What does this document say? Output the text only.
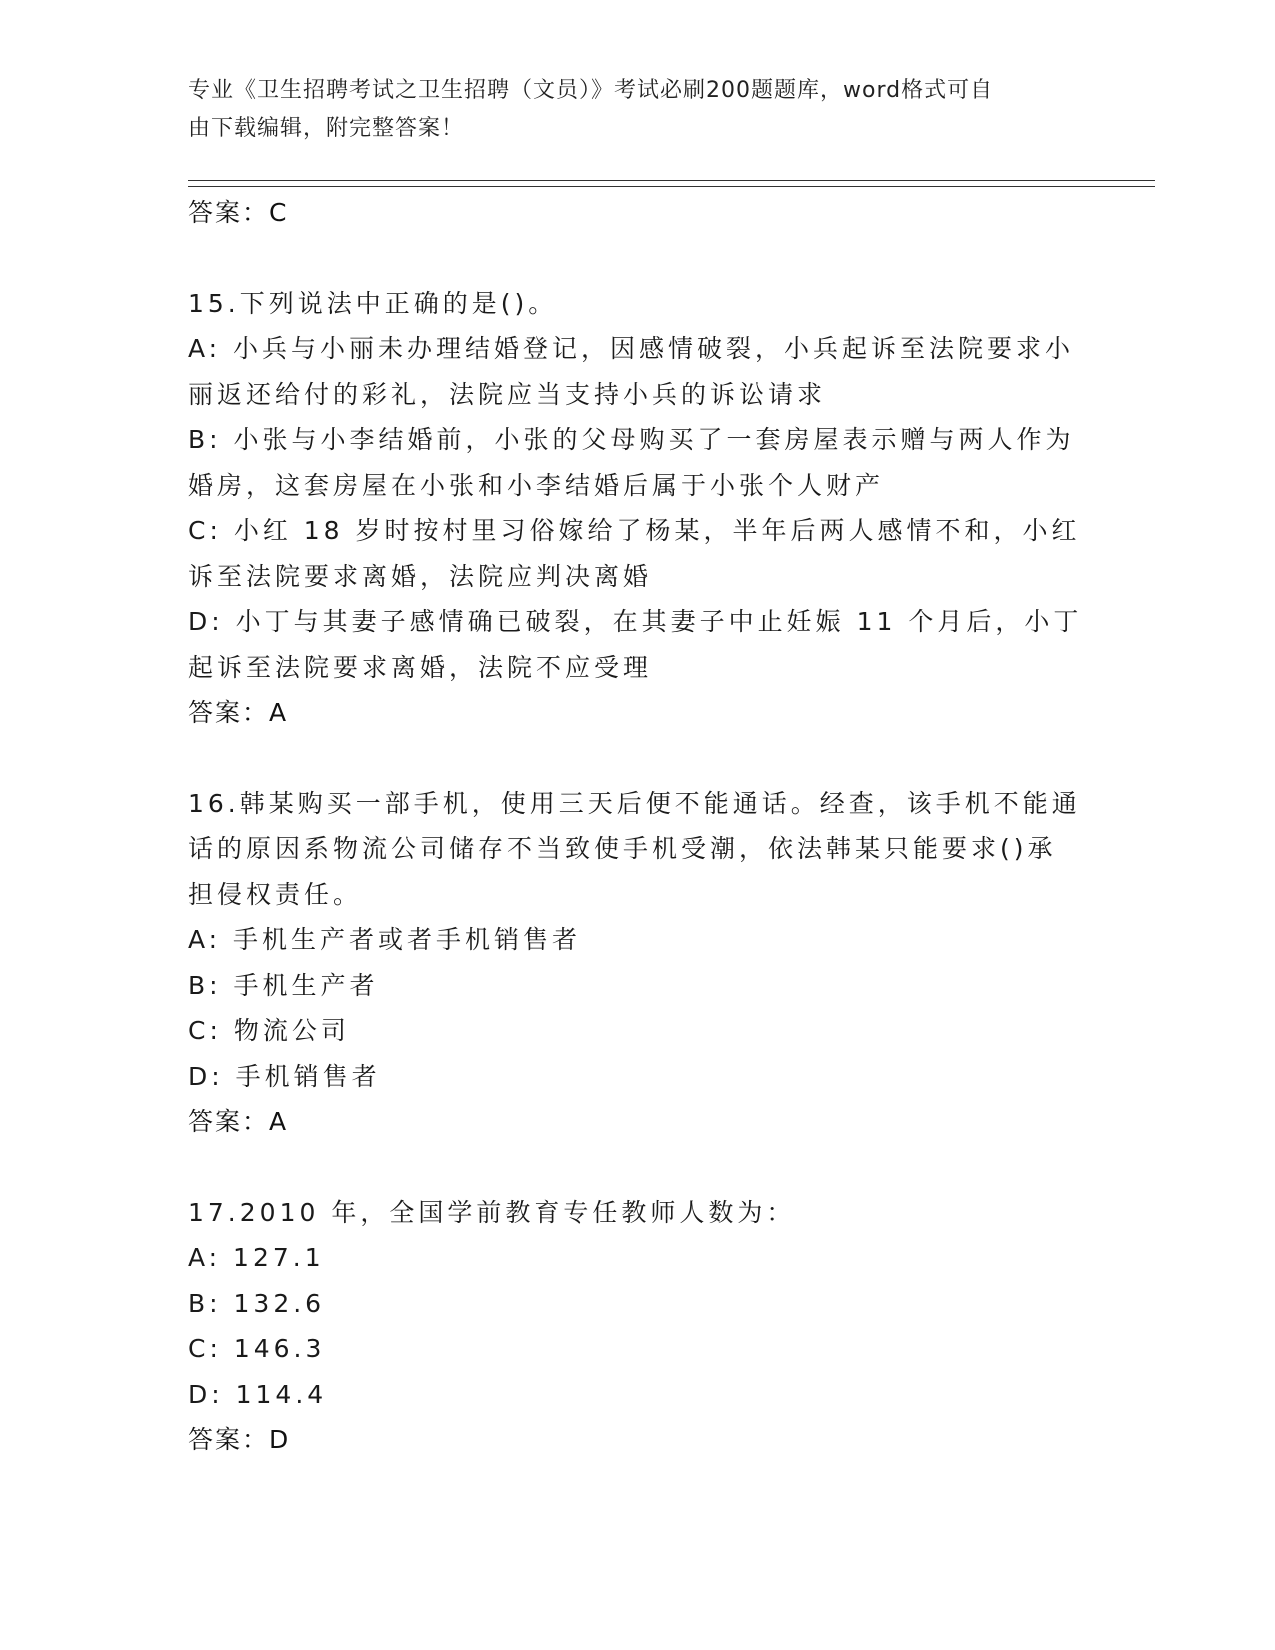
专业《卫生招聘考试之卫生招聘（文员）》考试必刷200题题库，word格式可自
由下载编辑，附完整答案！
答案：C
15.下列说法中正确的是()。
A: 小兵与小丽未办理结婚登记，因感情破裂，小兵起诉至法院要求小
丽返还给付的彩礼，法院应当支持小兵的诉讼请求
B: 小张与小李结婚前，小张的父母购买了一套房屋表示赠与两人作为
婚房，这套房屋在小张和小李结婚后属于小张个人财产
C: 小红 18 岁时按村里习俗嫁给了杨某，半年后两人感情不和，小红
诉至法院要求离婚，法院应判决离婚
D: 小丁与其妻子感情确已破裂，在其妻子中止妊娠 11 个月后，小丁
起诉至法院要求离婚，法院不应受理
答案：A
16.韩某购买一部手机，使用三天后便不能通话。经查，该手机不能通
话的原因系物流公司储存不当致使手机受潮，依法韩某只能要求()承
担侵权责任。
A: 手机生产者或者手机销售者
B: 手机生产者
C: 物流公司
D: 手机销售者
答案：A
17.2010 年，全国学前教育专任教师人数为：
A: 127.1
B: 132.6
C: 146.3
D: 114.4
答案：D
